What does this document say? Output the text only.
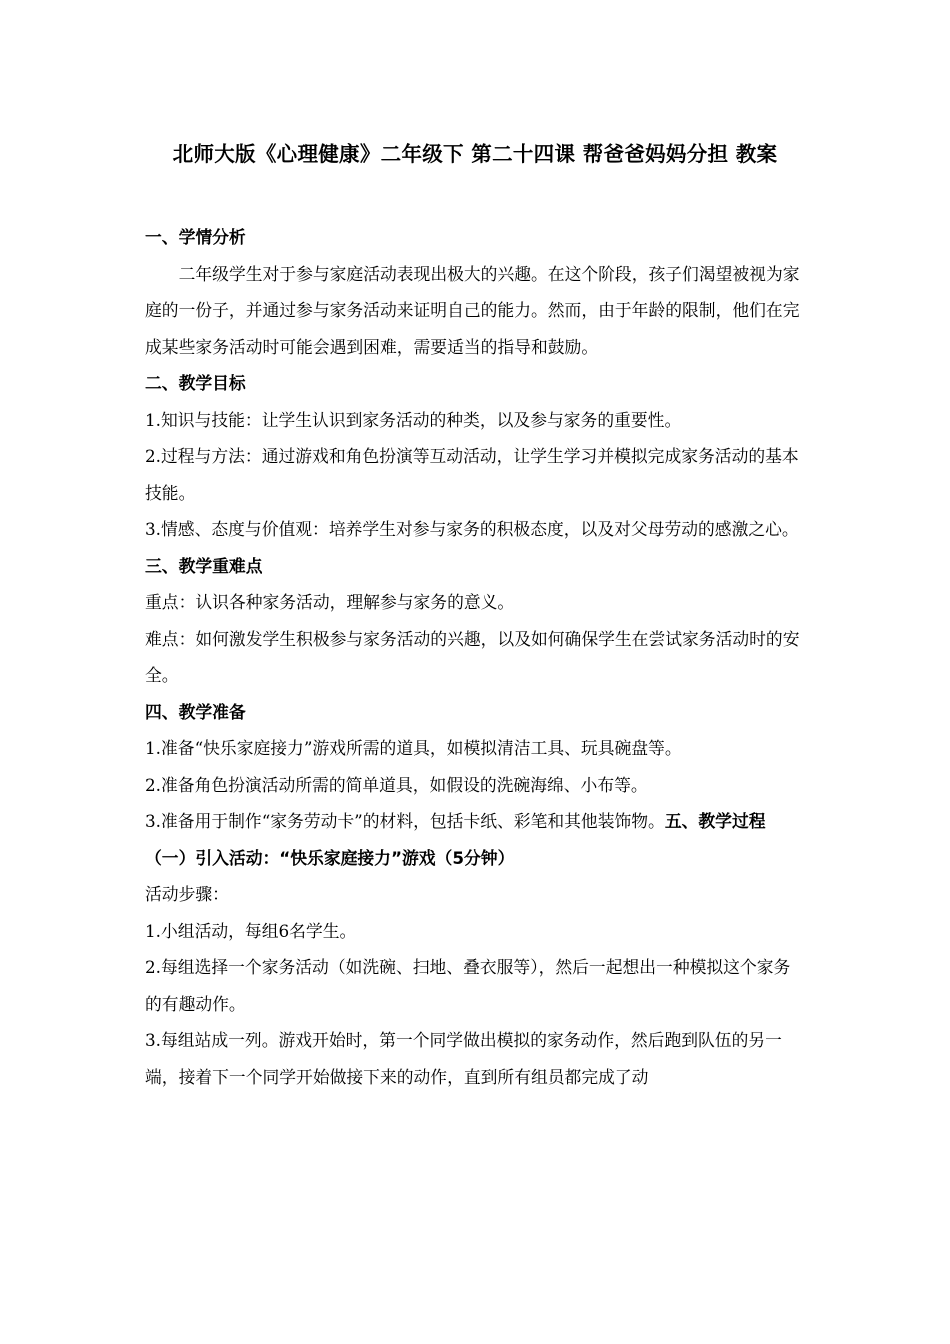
北师大版《心理健康》二年级下 第二十四课 帮爸爸妈妈分担 教案

一、学情分析

二年级学生对于参与家庭活动表现出极大的兴趣。在这个阶段，孩子们渴望被视为家庭的一份子，并通过参与家务活动来证明自己的能力。然而，由于年龄的限制，他们在完成某些家务活动时可能会遇到困难，需要适当的指导和鼓励。

二、教学目标

1.知识与技能：让学生认识到家务活动的种类，以及参与家务的重要性。

2.过程与方法：通过游戏和角色扮演等互动活动，让学生学习并模拟完成家务活动的基本技能。

3.情感、态度与价值观：培养学生对参与家务的积极态度，以及对父母劳动的感激之心。

三、教学重难点

重点：认识各种家务活动，理解参与家务的意义。

难点：如何激发学生积极参与家务活动的兴趣，以及如何确保学生在尝试家务活动时的安全。

四、教学准备

1.准备“快乐家庭接力”游戏所需的道具，如模拟清洁工具、玩具碗盘等。

2.准备角色扮演活动所需的简单道具，如假设的洗碗海绵、小布等。

3.准备用于制作“家务劳动卡”的材料，包括卡纸、彩笔和其他装饰物。五、教学过程

（一）引入活动：“快乐家庭接力”游戏（5分钟）

活动步骤：

1.小组活动，每组6名学生。

2.每组选择一个家务活动（如洗碗、扫地、叠衣服等），然后一起想出一种模拟这个家务的有趣动作。

3.每组站成一列。游戏开始时，第一个同学做出模拟的家务动作，然后跑到队伍的另一端，接着下一个同学开始做接下来的动作，直到所有组员都完成了动
